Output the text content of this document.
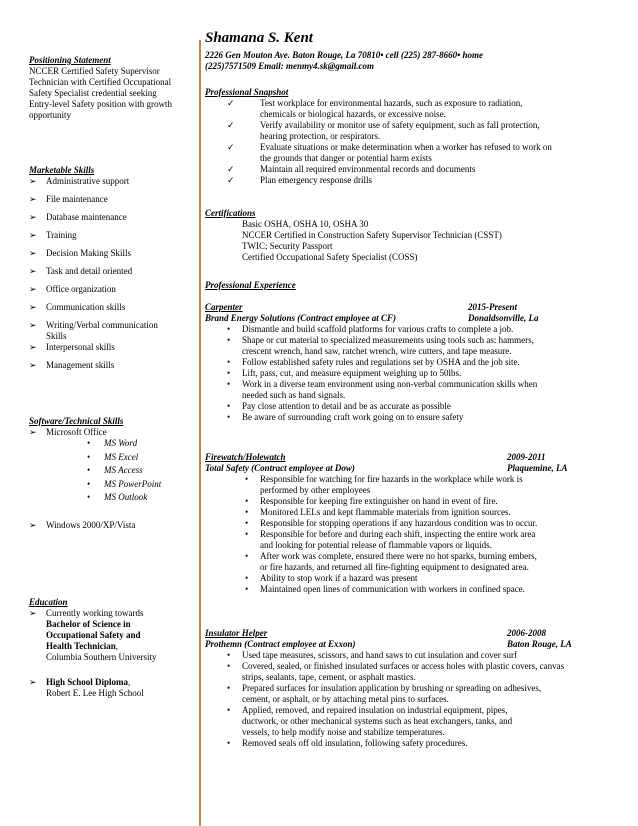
Positioning Statement
NCCER Certified Safety Supervisor
Technician with Certified Occupational
Safety Specialist credential seeking
Entry-level Safety position with growth
opportunity
Marketable Skills
➢ Administrative support
➢ File maintenance
➢ Database maintenance
➢ Training
➢ Decision Making Skills
➢ Task and detail oriented
➢ Office organization
➢ Communication skills
➢ Writing/Verbal communication
Skills
➢ Interpersonal skills
➢ Management skills
Software/Technical Skills
➢ Microsoft Office
• MS Word
• MS Excel
• MS Access
• MS PowerPoint
• MS Outlook
➢ Windows 2000/XP/Vista
Education
➢ Currently working towards
Bachelor of Science in
Occupational Safety and
Health Technician,
Columbia Southern University
➢ High School Diploma,
Robert E. Lee High School
Shamana S. Kent
2226 Gen Mouton Ave. Baton Rouge, La 70810• cell (225) 287-8660• home
(225)7571509 Email: menmy4.sk@gmail.com
Professional Snapshot
✓	Test workplace for environmental hazards, such as exposure to radiation,
chemicals or biological hazards, or excessive noise.
✓	Verify availability or monitor use of safety equipment, such as fall protection,
hearing protection, or respirators.
✓	Evaluate situations or make determination when a worker has refused to work on
the grounds that danger or potential harm exists
✓	Maintain all required environmental records and documents
✓	Plan emergency response drills
Certifications
Basic OSHA, OSHA 10, OSHA 30
NCCER Certified in Construction Safety Supervisor Technician (CSST)
TWIC; Security Passport
Certified Occupational Safety Specialist (COSS)
Professional Experience
Carpenter	2015-Present
Brand Energy Solutions (Contract employee at CF)	Donaldsonville, La
• Dismantle and build scaffold platforms for various crafts to complete a job.
• Shape or cut material to specialized measurements using tools such as: hammers,
crescent wrench, hand saw, ratchet wrench, wire cutters, and tape measure.
• Follow established safety rules and regulations set by OSHA and the job site.
• Lift, pass, cut, and measure equipment weighing up to 50lbs.
• Work in a diverse team environment using non-verbal communication skills when
needed such as hand signals.
• Pay close attention to detail and be as accurate as possible
• Be aware of surrounding craft work going on to ensure safety
Firewatch/Holewatch	2009-2011
Total Safety (Contract employee at Dow)	Plaquemine, LA
• Responsible for watching for fire hazards in the workplace while work is
performed by other employees
• Responsible for keeping fire extinguisher on hand in event of fire.
• Monitored LELs and kept flammable materials from ignition sources.
• Responsible for stopping operations if any hazardous condition was to occur.
• Responsible for before and during each shift, inspecting the entire work area
and looking for potential release of flammable vapors or liquids.
• After work was complete, ensured there were no hot sparks, burning embers,
or fire hazards, and returned all fire-fighting equipment to designated area.
• Ability to stop work if a hazard was present
• Maintained open lines of communication with workers in confined space.
Insulator Helper	2006-2008
Prothemn (Contract employee at Exxon)	Baton Rouge, LA
• Used tape measures, scissors, and hand saws to cut insulation and cover surf
• Covered, sealed, or finished insulated surfaces or access holes with plastic covers, canvas
strips, sealants, tape, cement, or asphalt mastics.
• Prepared surfaces for insulation application by brushing or spreading on adhesives,
cement, or asphalt, or by attaching metal pins to surfaces.
• Applied, removed, and repaired insulation on industrial equipment, pipes,
ductwork, or other mechanical systems such as heat exchangers, tanks, and
vessels, to help modify noise and stabilize temperatures.
• Removed seals off old insulation, following safety procedures.
